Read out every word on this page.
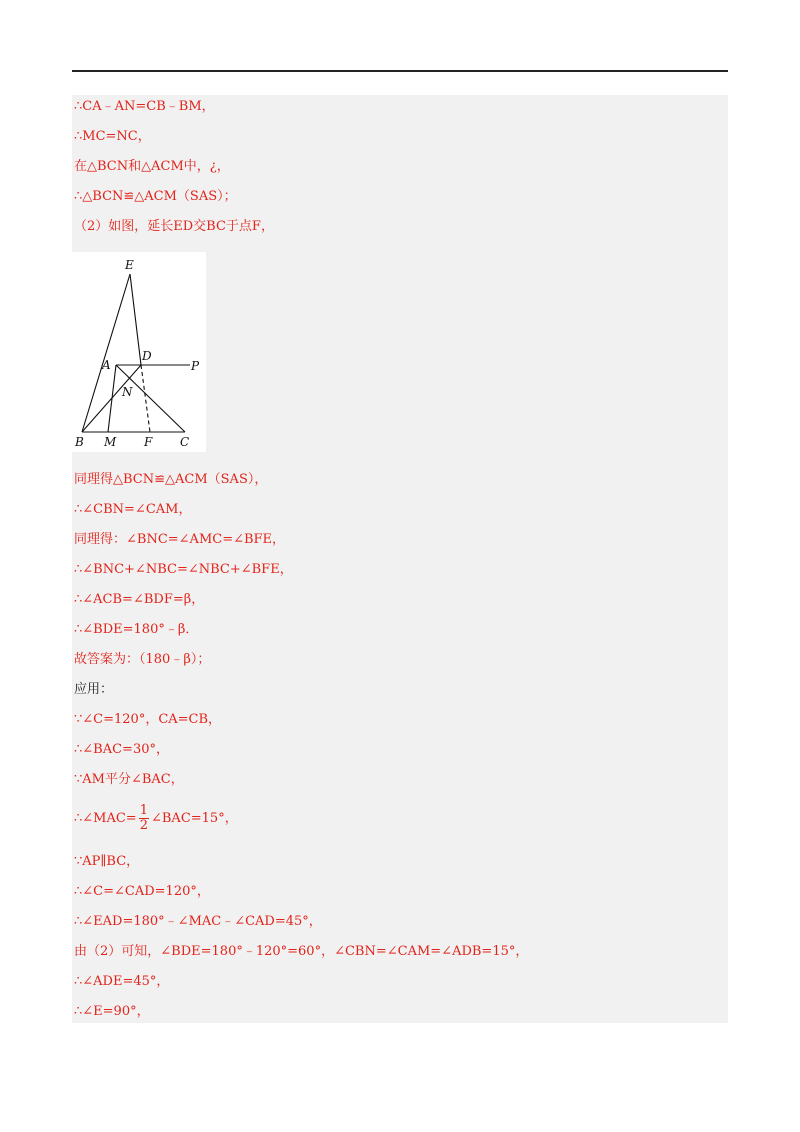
∴CA﹣AN=CB﹣BM，
∴MC=NC，
在△BCN和△ACM中，¿，
∴△BCN≌△ACM（SAS）；
（2）如图，延长ED交BC于点F，
E
A
D
P
N
B M F C
同理得△BCN≌△ACM（SAS），
∴∠CBN=∠CAM，
同理得：∠BNC=∠AMC=∠BFE，
∴∠BNC+∠NBC=∠NBC+∠BFE，
∴∠ACB=∠BDF=β，
∴∠BDE=180°﹣β．
故答案为：（180﹣β）；
应用：
∵∠C=120°，CA=CB，
∴∠BAC=30°，
∵AM平分∠BAC，
∴∠MAC= $\frac{1}{2}$ ∠BAC=15°，
∵AP∥BC，
∴∠C=∠CAD=120°，
∴∠EAD=180°﹣∠MAC﹣∠CAD=45°，
由（2）可知，∠BDE=180°﹣120°=60°，∠CBN=∠CAM=∠ADB=15°，
∴∠ADE=45°，
∴∠E=90°，
